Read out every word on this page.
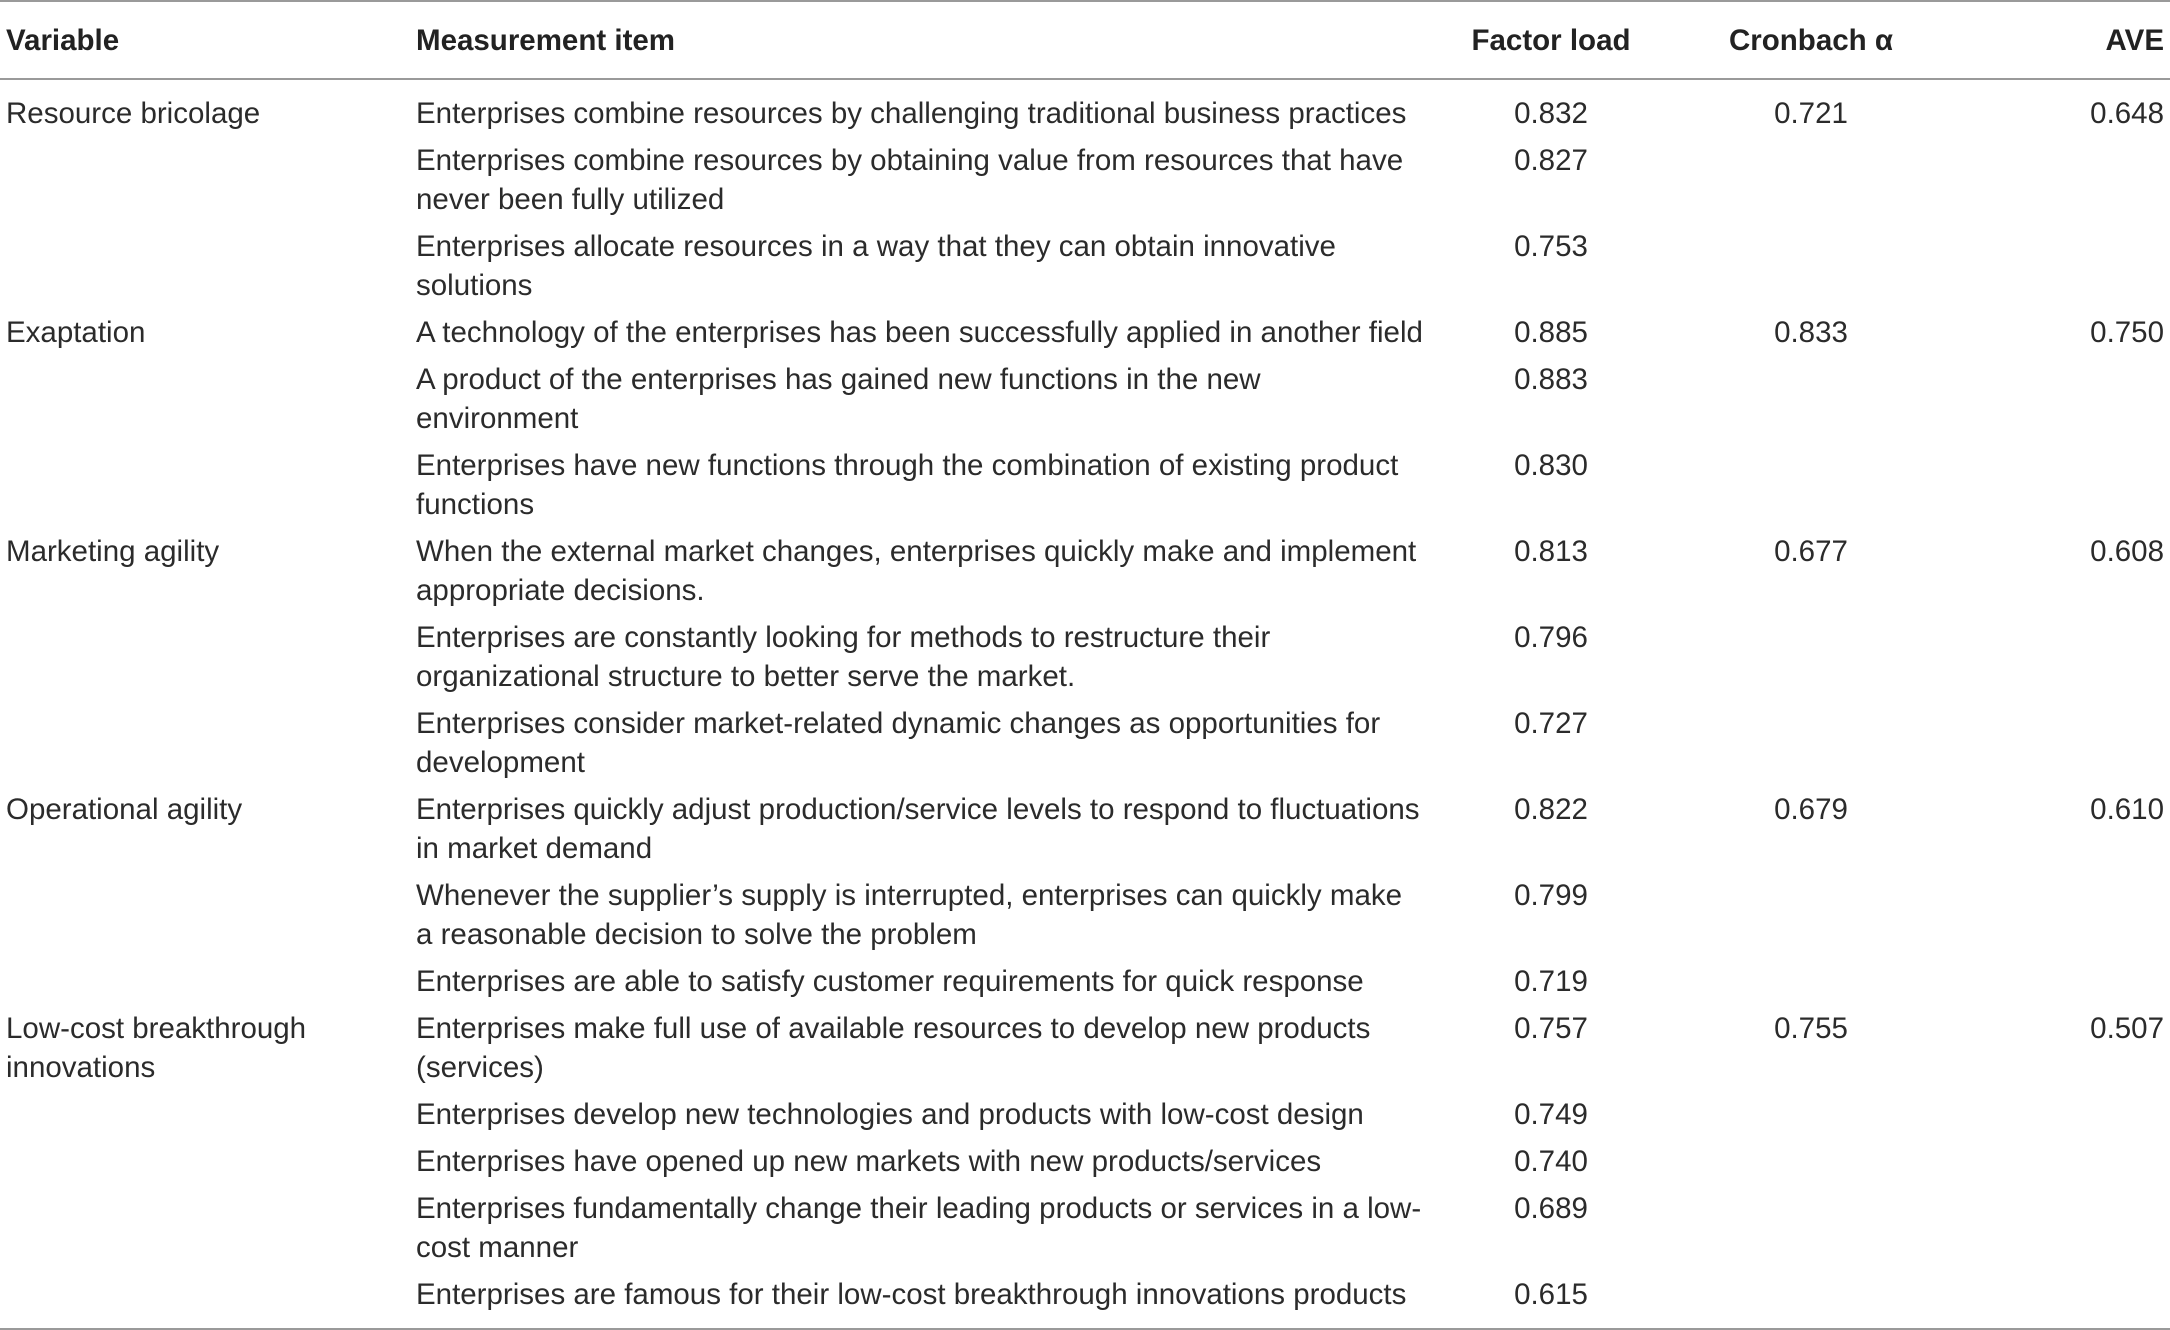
Variable	Measurement item	Factor load	Cronbach α	AVE
Resource bricolage	Enterprises combine resources by challenging traditional business practices	0.832	0.721	0.648
	Enterprises combine resources by obtaining value from resources that have never been fully utilized	0.827		
	Enterprises allocate resources in a way that they can obtain innovative solutions	0.753		
Exaptation	A technology of the enterprises has been successfully applied in another field	0.885	0.833	0.750
	A product of the enterprises has gained new functions in the new environment	0.883		
	Enterprises have new functions through the combination of existing product functions	0.830		
Marketing agility	When the external market changes, enterprises quickly make and implement appropriate decisions.	0.813	0.677	0.608
	Enterprises are constantly looking for methods to restructure their organizational structure to better serve the market.	0.796		
	Enterprises consider market-related dynamic changes as opportunities for development	0.727		
Operational agility	Enterprises quickly adjust production/service levels to respond to fluctuations in market demand	0.822	0.679	0.610
	Whenever the supplier’s supply is interrupted, enterprises can quickly make a reasonable decision to solve the problem	0.799		
	Enterprises are able to satisfy customer requirements for quick response	0.719		
Low-cost breakthrough innovations	Enterprises make full use of available resources to develop new products (services)	0.757	0.755	0.507
	Enterprises develop new technologies and products with low-cost design	0.749		
	Enterprises have opened up new markets with new products/services	0.740		
	Enterprises fundamentally change their leading products or services in a low-cost manner	0.689		
	Enterprises are famous for their low-cost breakthrough innovations products	0.615		
